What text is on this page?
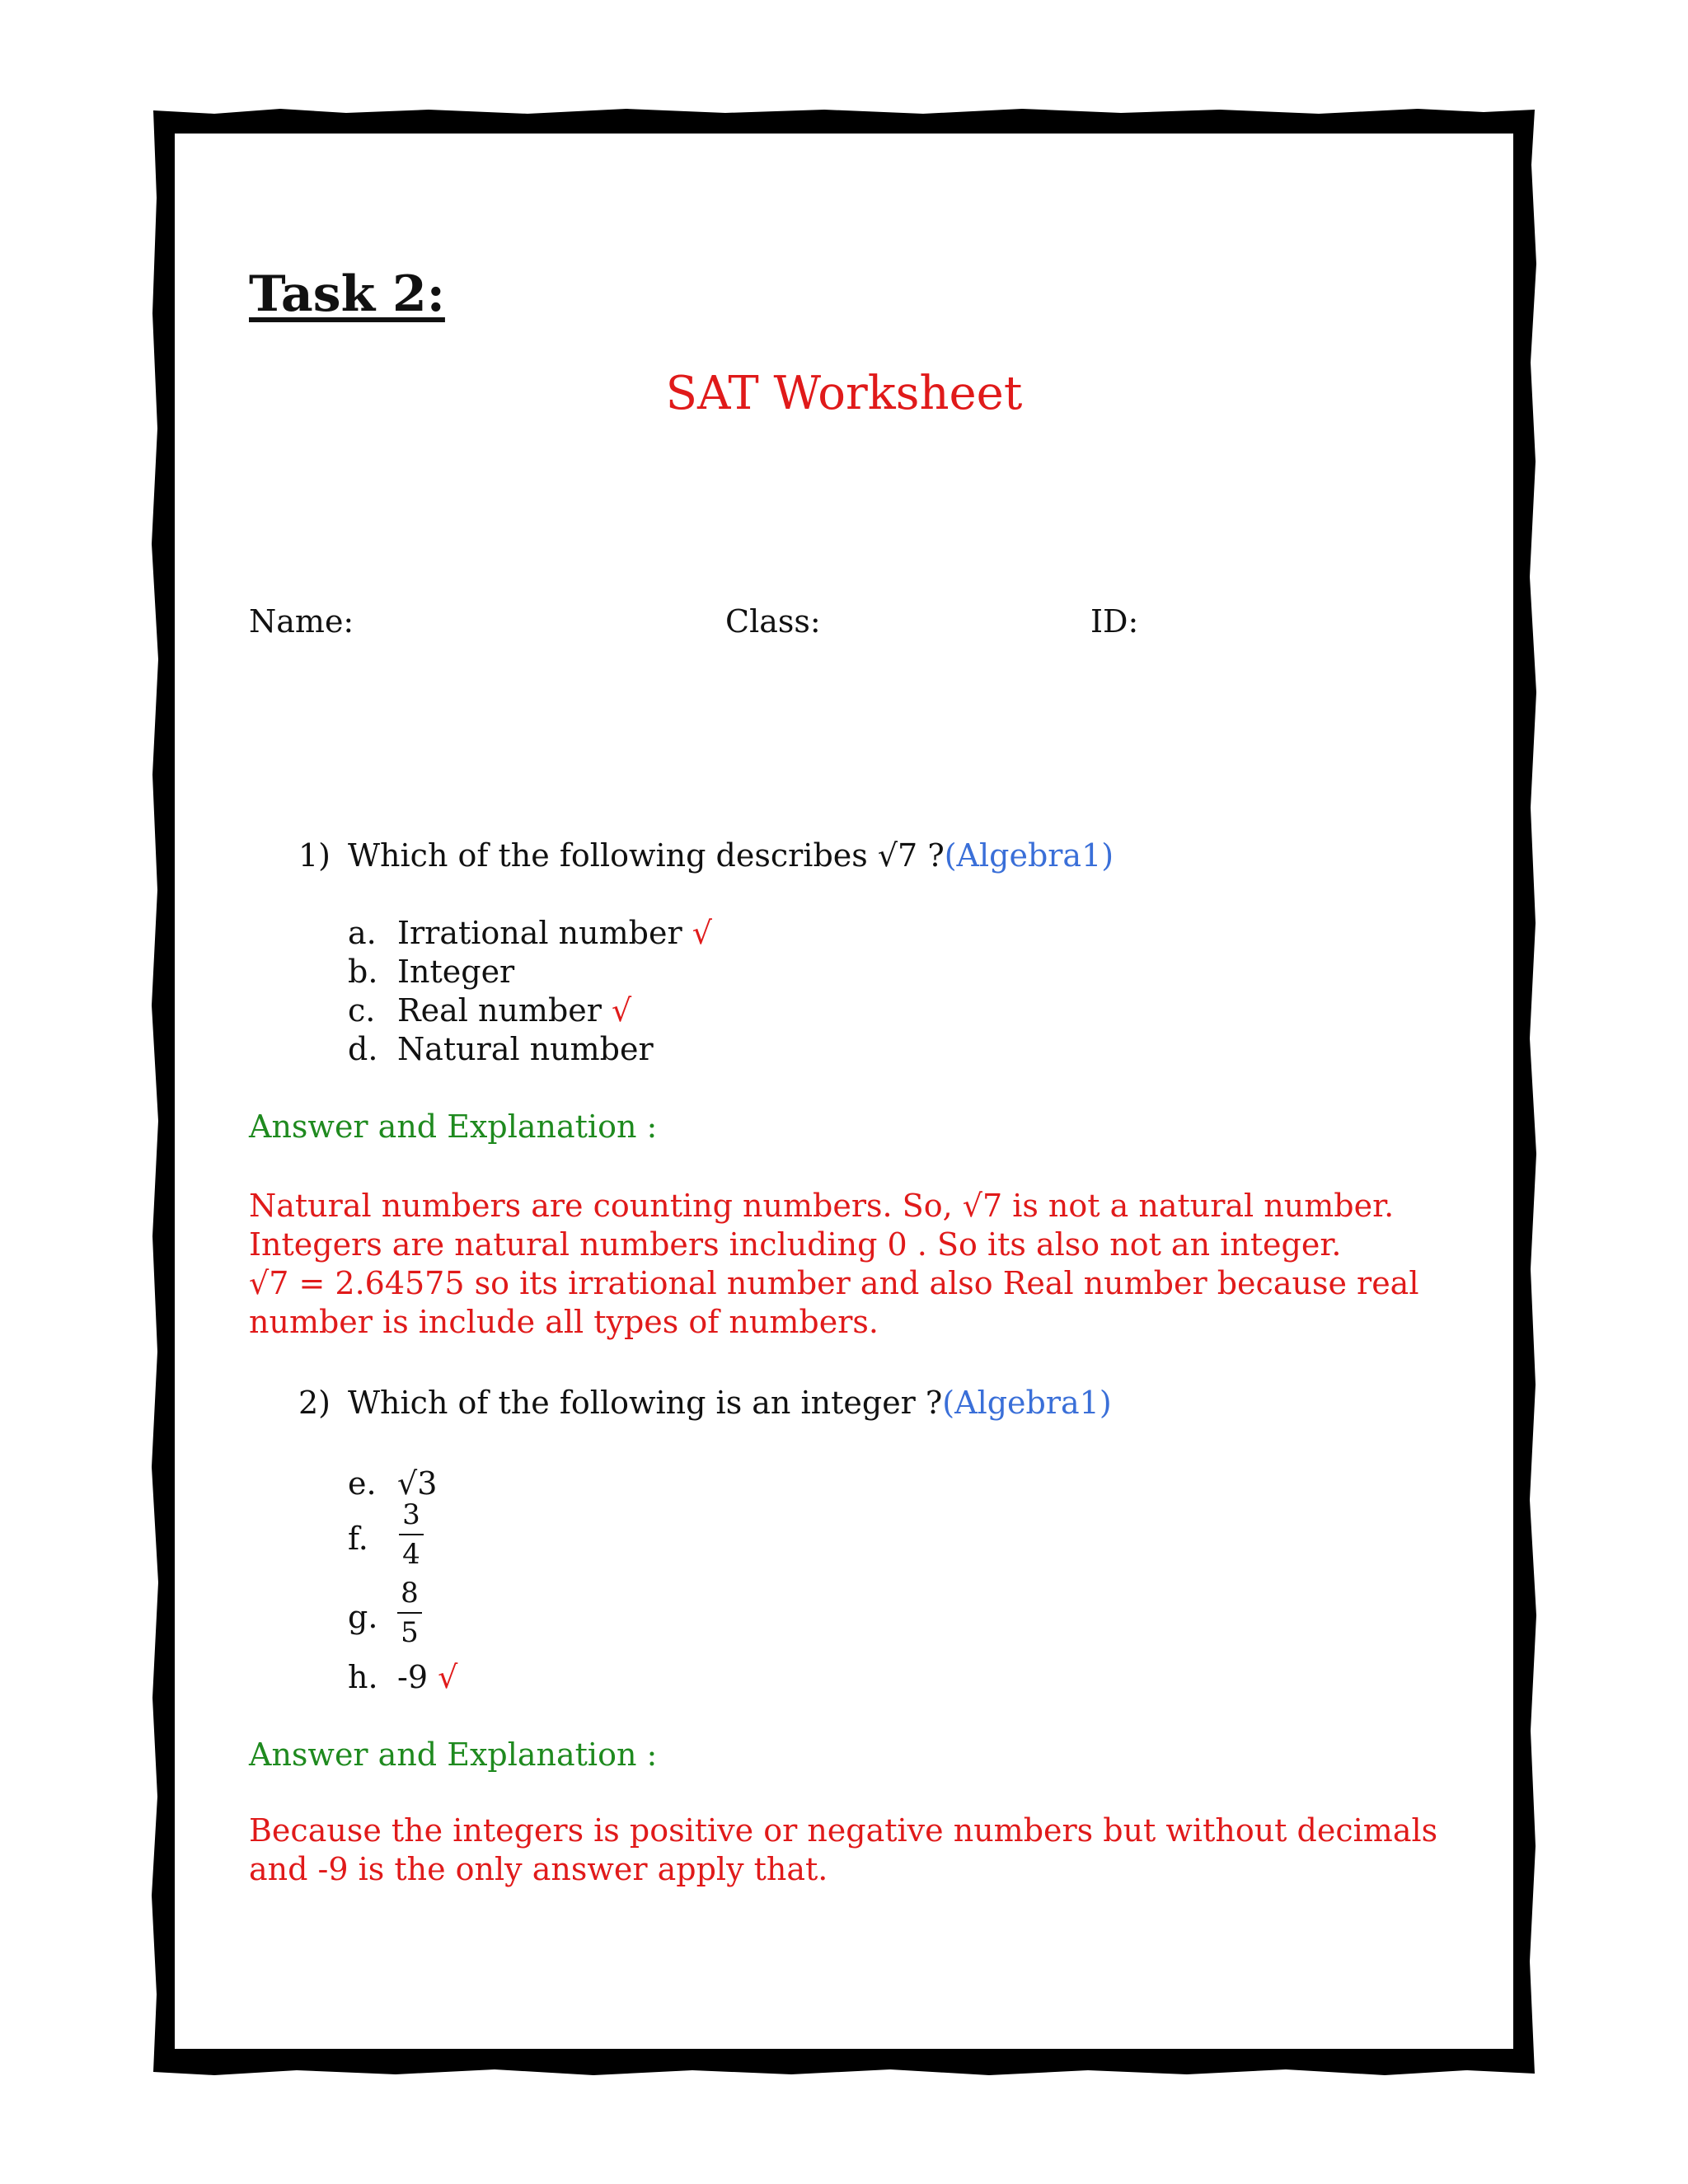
Task 2:
SAT Worksheet
Name:	Class:	ID:
1) Which of the following describes √7 ?(Algebra1)
a. Irrational number √
b. Integer
c. Real number √
d. Natural number
Answer and Explanation :
Natural numbers are counting numbers. So, √7 is not a natural number.
Integers are natural numbers including 0 . So its also not an integer.
√7 = 2.64575 so its irrational number and also Real number because real number is include all types of numbers.
2) Which of the following is an integer ?(Algebra1)
e. √3
f.
3
4
g.
8
5
h. -9 √
Answer and Explanation :
Because the integers is positive or negative numbers but without decimals and -9 is the only answer apply that.
